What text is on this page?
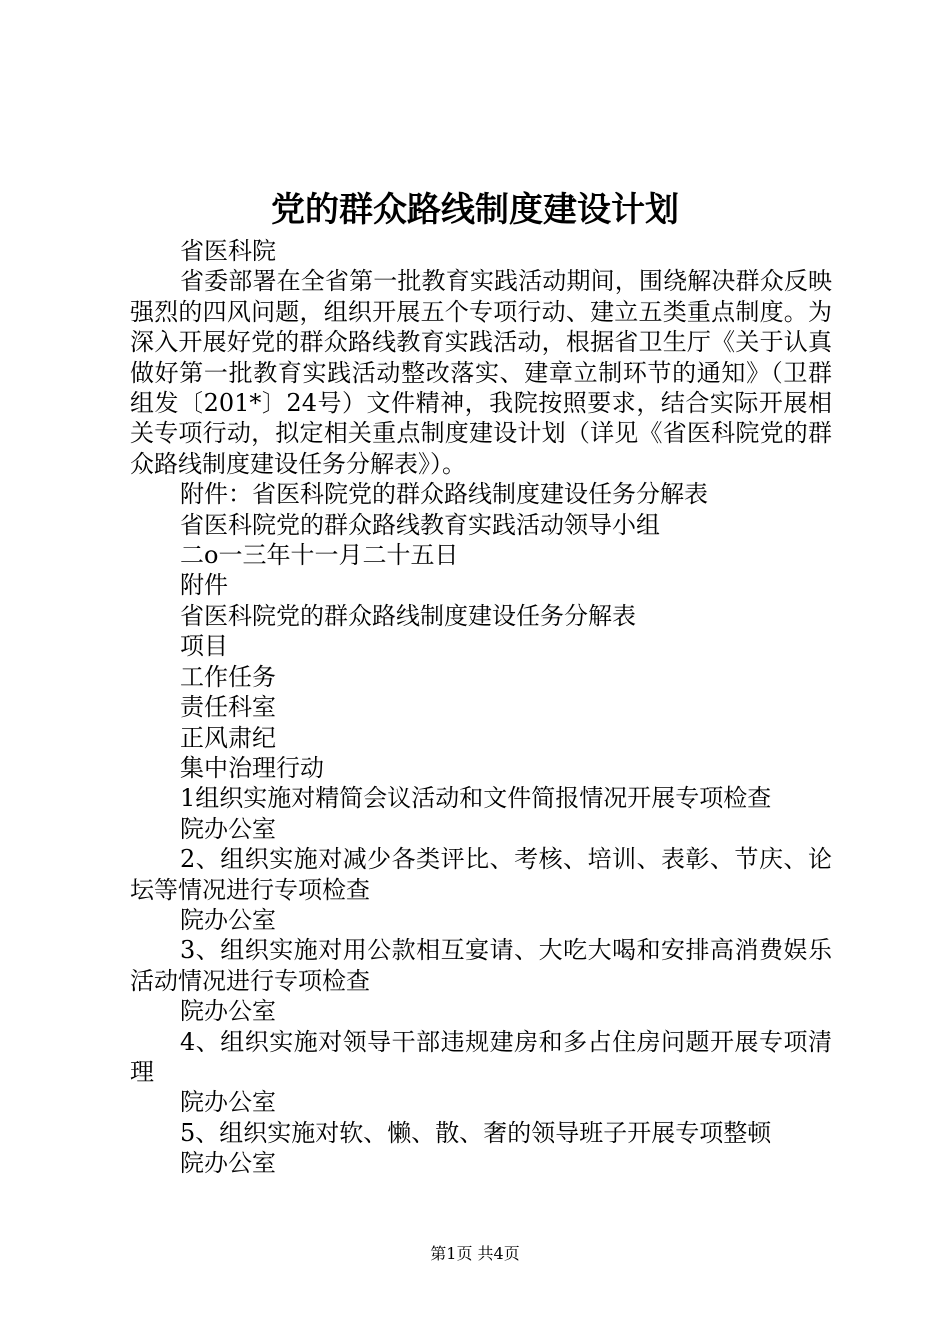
党的群众路线制度建设计划

省医科院

省委部署在全省第一批教育实践活动期间，围绕解决群众反映强烈的四风问题，组织开展五个专项行动、建立五类重点制度。为深入开展好党的群众路线教育实践活动，根据省卫生厅《关于认真做好第一批教育实践活动整改落实、建章立制环节的通知》（卫群组发〔201*〕24号）文件精神，我院按照要求，结合实际开展相关专项行动，拟定相关重点制度建设计划（详见《省医科院党的群众路线制度建设任务分解表》）。

附件：省医科院党的群众路线制度建设任务分解表

省医科院党的群众路线教育实践活动领导小组

二o一三年十一月二十五日

附件

省医科院党的群众路线制度建设任务分解表

项目

工作任务

责任科室

正风肃纪

集中治理行动

1组织实施对精简会议活动和文件简报情况开展专项检查

院办公室

2、组织实施对减少各类评比、考核、培训、表彰、节庆、论坛等情况进行专项检查

院办公室

3、组织实施对用公款相互宴请、大吃大喝和安排高消费娱乐活动情况进行专项检查

院办公室

4、组织实施对领导干部违规建房和多占住房问题开展专项清理

院办公室

5、组织实施对软、懒、散、奢的领导班子开展专项整顿

院办公室

第1页 共4页
